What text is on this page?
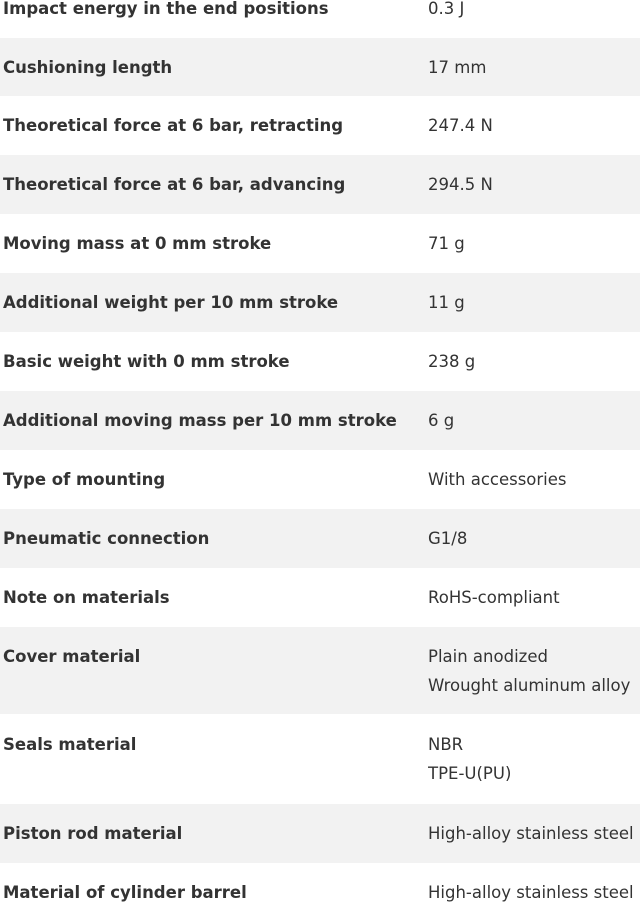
Impact energy in the end positions	0.3 J
Cushioning length	17 mm
Theoretical force at 6 bar, retracting	247.4 N
Theoretical force at 6 bar, advancing	294.5 N
Moving mass at 0 mm stroke	71 g
Additional weight per 10 mm stroke	11 g
Basic weight with 0 mm stroke	238 g
Additional moving mass per 10 mm stroke	6 g
Type of mounting	With accessories
Pneumatic connection	G1/8
Note on materials	RoHS-compliant
Cover material	Plain anodized
Wrought aluminum alloy
Seals material	NBR
TPE-U(PU)
Piston rod material	High-alloy stainless steel
Material of cylinder barrel	High-alloy stainless steel
